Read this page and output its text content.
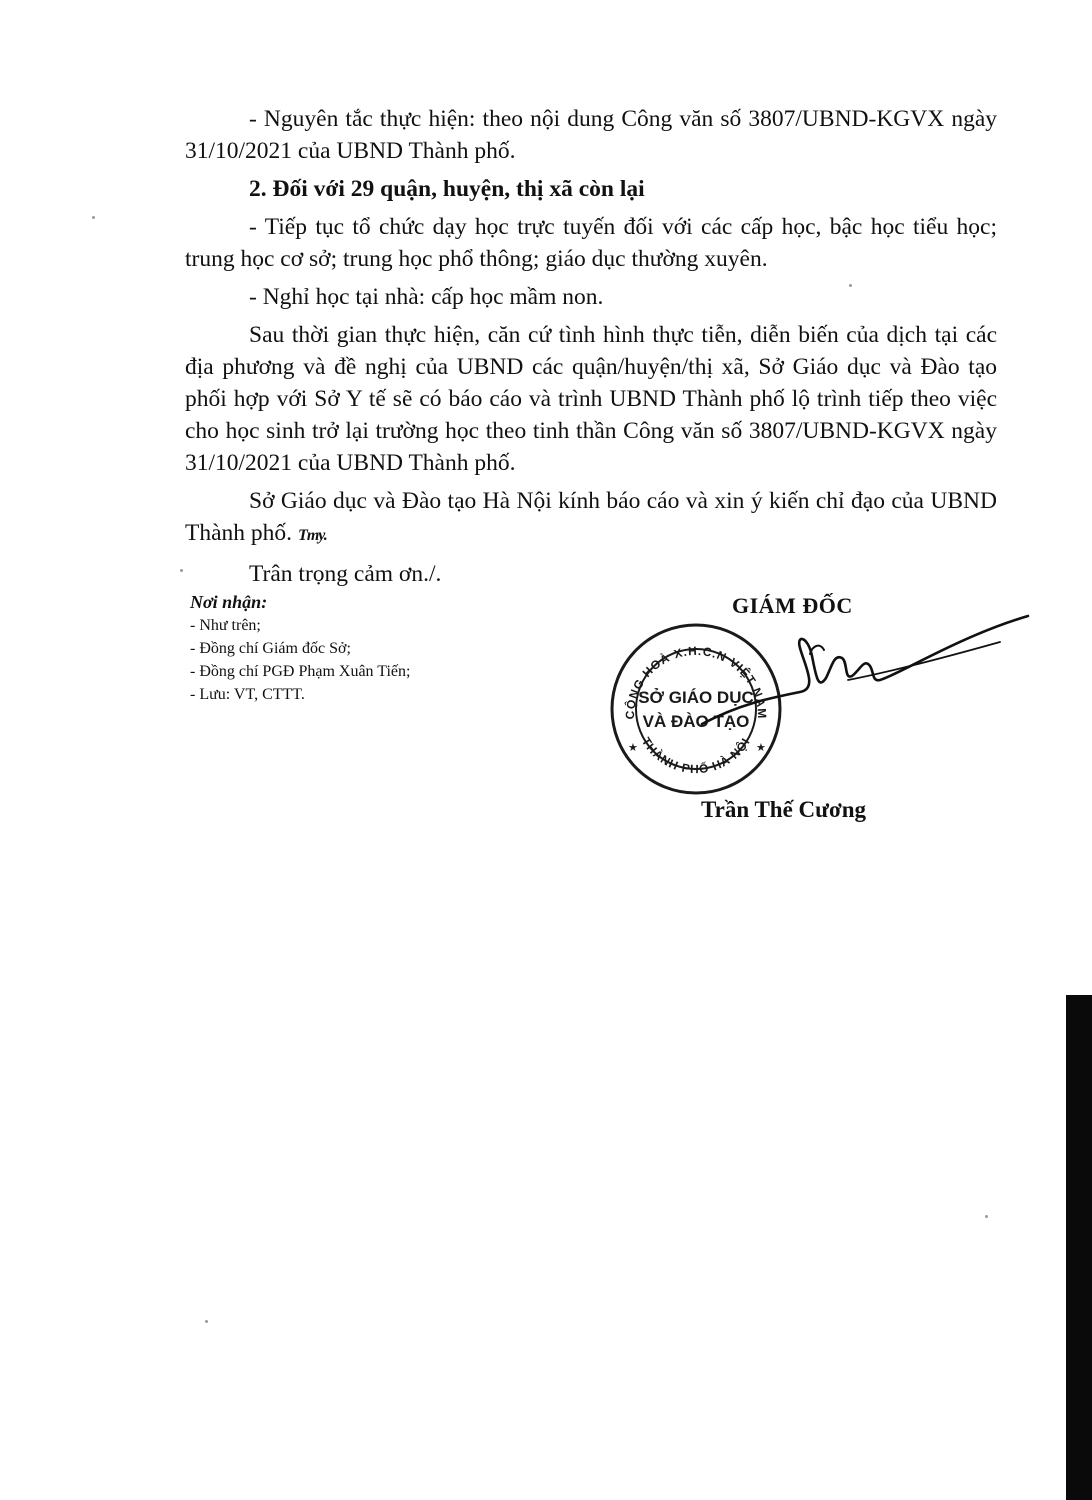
- Nguyên tắc thực hiện: theo nội dung Công văn số 3807/UBND-KGVX ngày 31/10/2021 của UBND Thành phố.

2. Đối với 29 quận, huyện, thị xã còn lại

- Tiếp tục tổ chức dạy học trực tuyến đối với các cấp học, bậc học tiểu học; trung học cơ sở; trung học phổ thông; giáo dục thường xuyên.

- Nghỉ học tại nhà: cấp học mầm non.

Sau thời gian thực hiện, căn cứ tình hình thực tiễn, diễn biến của dịch tại các địa phương và đề nghị của UBND các quận/huyện/thị xã, Sở Giáo dục và Đào tạo phối hợp với Sở Y tế sẽ có báo cáo và trình UBND Thành phố lộ trình tiếp theo việc cho học sinh trở lại trường học theo tinh thần Công văn số 3807/UBND-KGVX ngày 31/10/2021 của UBND Thành phố.

Sở Giáo dục và Đào tạo Hà Nội kính báo cáo và xin ý kiến chỉ đạo của UBND Thành phố. Tmy.

Trân trọng cảm ơn./.

Nơi nhận:
- Như trên;
- Đồng chí Giám đốc Sở;
- Đồng chí PGĐ Phạm Xuân Tiến;
- Lưu: VT, CTTT.
GIÁM ĐỐC
CỘNG HOÀ X.H.C.N VIỆT NAM
THÀNH PHỐ HÀ NỘI
SỞ GIÁO DỤC
VÀ ĐÀO TẠO
★	★
Trần Thế Cương
